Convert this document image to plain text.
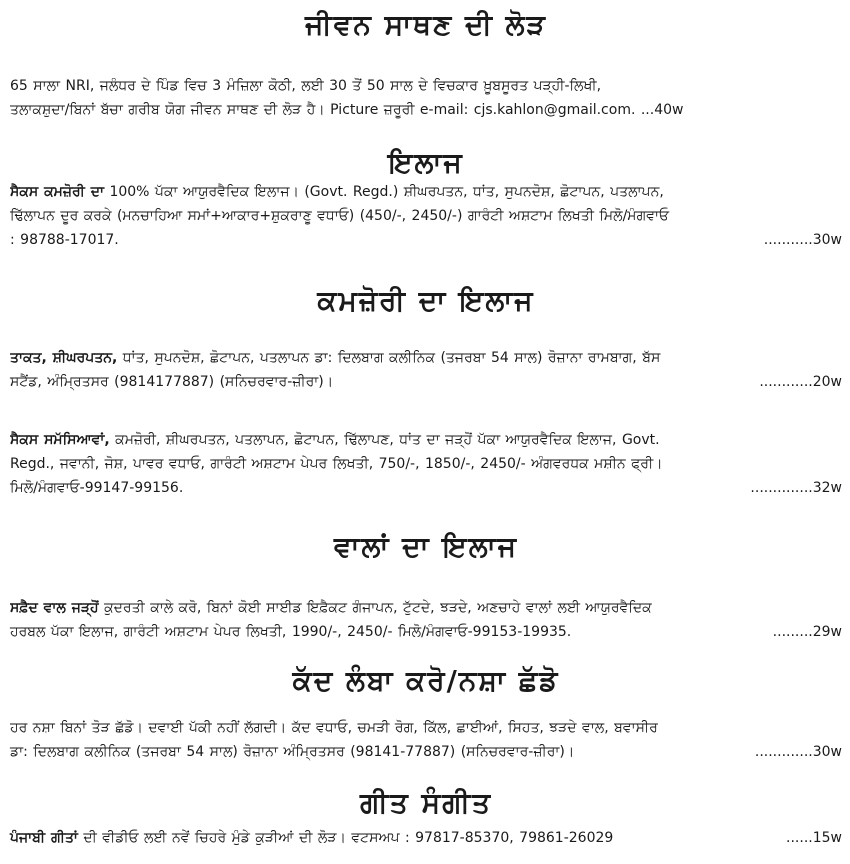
ਜੀਵਨ ਸਾਥਣ ਦੀ ਲੋੜ
65 ਸਾਲਾ NRI, ਜਲੰਧਰ ਦੇ ਪਿੰਡ ਵਿਚ 3 ਮੰਜ਼ਿਲਾ ਕੋਠੀ, ਲਈ 30 ਤੋਂ 50 ਸਾਲ ਦੇ ਵਿਚਕਾਰ ਖ਼ੂਬਸੂਰਤ ਪੜ੍ਹੀ-ਲਿਖੀ,
ਤਲਾਕਸ਼ੁਦਾ/ਬਿਨਾਂ ਬੱਚਾ ਗਰੀਬ ਯੋਗ ਜੀਵਨ ਸਾਥਣ ਦੀ ਲੋੜ ਹੈ। Picture ਜ਼ਰੂਰੀ e-mail: cjs.kahlon@gmail.com. ...40w
ਇਲਾਜ
ਸੈਕਸ ਕਮਜ਼ੋਰੀ ਦਾ 100% ਪੱਕਾ ਆਯੁਰਵੈਦਿਕ ਇਲਾਜ। (Govt. Regd.) ਸ਼ੀਘਰਪਤਨ, ਧਾਂਤ, ਸੁਪਨਦੋਸ਼, ਛੋਟਾਪਨ, ਪਤਲਾਪਨ,
ਢਿੱਲਾਪਨ ਦੂਰ ਕਰਕੇ (ਮਨਚਾਹਿਆ ਸਮਾਂ+ਆਕਾਰ+ਸ਼ੁਕਰਾਣੂ ਵਧਾਓ) (450/-, 2450/-) ਗਾਰੰਟੀ ਅਸ਼ਟਾਮ ਲਿਖਤੀ ਮਿਲੋ/ਮੰਗਵਾਓ
: 98788-17017.	...........30w
ਕਮਜ਼ੋਰੀ ਦਾ ਇਲਾਜ
ਤਾਕਤ, ਸ਼ੀਘਰਪਤਨ, ਧਾਂਤ, ਸੁਪਨਦੋਸ਼, ਛੋਟਾਪਨ, ਪਤਲਾਪਨ ਡਾ: ਦਿਲਬਾਗ ਕਲੀਨਿਕ (ਤਜਰਬਾ 54 ਸਾਲ) ਰੋਜ਼ਾਨਾ ਰਾਮਬਾਗ, ਬੱਸ
ਸਟੈਂਡ, ਅੰਮ੍ਰਿਤਸਰ (9814177887) (ਸਨਿਚਰਵਾਰ-ਜ਼ੀਰਾ)।	............20w
ਸੈਕਸ ਸਮੱਸਿਆਵਾਂ, ਕਮਜ਼ੋਰੀ, ਸ਼ੀਘਰਪਤਨ, ਪਤਲਾਪਨ, ਛੋਟਾਪਨ, ਢਿੱਲਾਪਣ, ਧਾਂਤ ਦਾ ਜੜ੍ਹੋਂ ਪੱਕਾ ਆਯੁਰਵੈਦਿਕ ਇਲਾਜ, Govt.
Regd., ਜਵਾਨੀ, ਜੋਸ਼, ਪਾਵਰ ਵਧਾਓ, ਗਾਰੰਟੀ ਅਸ਼ਟਾਮ ਪੇਪਰ ਲਿਖਤੀ, 750/-, 1850/-, 2450/- ਅੰਗਵਰਧਕ ਮਸ਼ੀਨ ਫ੍ਰੀ।
ਮਿਲੋ/ਮੰਗਵਾਓ-99147-99156.	..............32w
ਵਾਲਾਂ ਦਾ ਇਲਾਜ
ਸਫ਼ੈਦ ਵਾਲ ਜੜ੍ਹੋਂ ਕੁਦਰਤੀ ਕਾਲੇ ਕਰੋ, ਬਿਨਾਂ ਕੋਈ ਸਾਈਡ ਇਫ਼ੈਕਟ ਗੰਜਾਪਨ, ਟੁੱਟਦੇ, ਝੜਦੇ, ਅਣਚਾਹੇ ਵਾਲਾਂ ਲਈ ਆਯੁਰਵੈਦਿਕ
ਹਰਬਲ ਪੱਕਾ ਇਲਾਜ, ਗਾਰੰਟੀ ਅਸ਼ਟਾਮ ਪੇਪਰ ਲਿਖਤੀ, 1990/-, 2450/- ਮਿਲੋ/ਮੰਗਵਾਓ-99153-19935.	.........29w
ਕੱਦ ਲੰਬਾ ਕਰੋ/ਨਸ਼ਾ ਛੱਡੋ
ਹਰ ਨਸ਼ਾ ਬਿਨਾਂ ਤੋੜ ਛੱਡੋ। ਦਵਾਈ ਪੱਕੀ ਨਹੀਂ ਲੱਗਦੀ। ਕੱਦ ਵਧਾਓ, ਚਮੜੀ ਰੋਗ, ਕਿੱਲ, ਛਾਈਆਂ, ਸਿਹਤ, ਝੜਦੇ ਵਾਲ, ਬਵਾਸੀਰ
ਡਾ: ਦਿਲਬਾਗ ਕਲੀਨਿਕ (ਤਜਰਬਾ 54 ਸਾਲ) ਰੋਜ਼ਾਨਾ ਅੰਮ੍ਰਿਤਸਰ (98141-77887) (ਸਨਿਚਰਵਾਰ-ਜ਼ੀਰਾ)।	.............30w
ਗੀਤ ਸੰਗੀਤ
ਪੰਜਾਬੀ ਗੀਤਾਂ ਦੀ ਵੀਡੀਓ ਲਈ ਨਵੇਂ ਚਿਹਰੇ ਮੁੰਡੇ ਕੁੜੀਆਂ ਦੀ ਲੋੜ। ਵਟਸਅਪ : 97817-85370, 79861-26029	......15w
